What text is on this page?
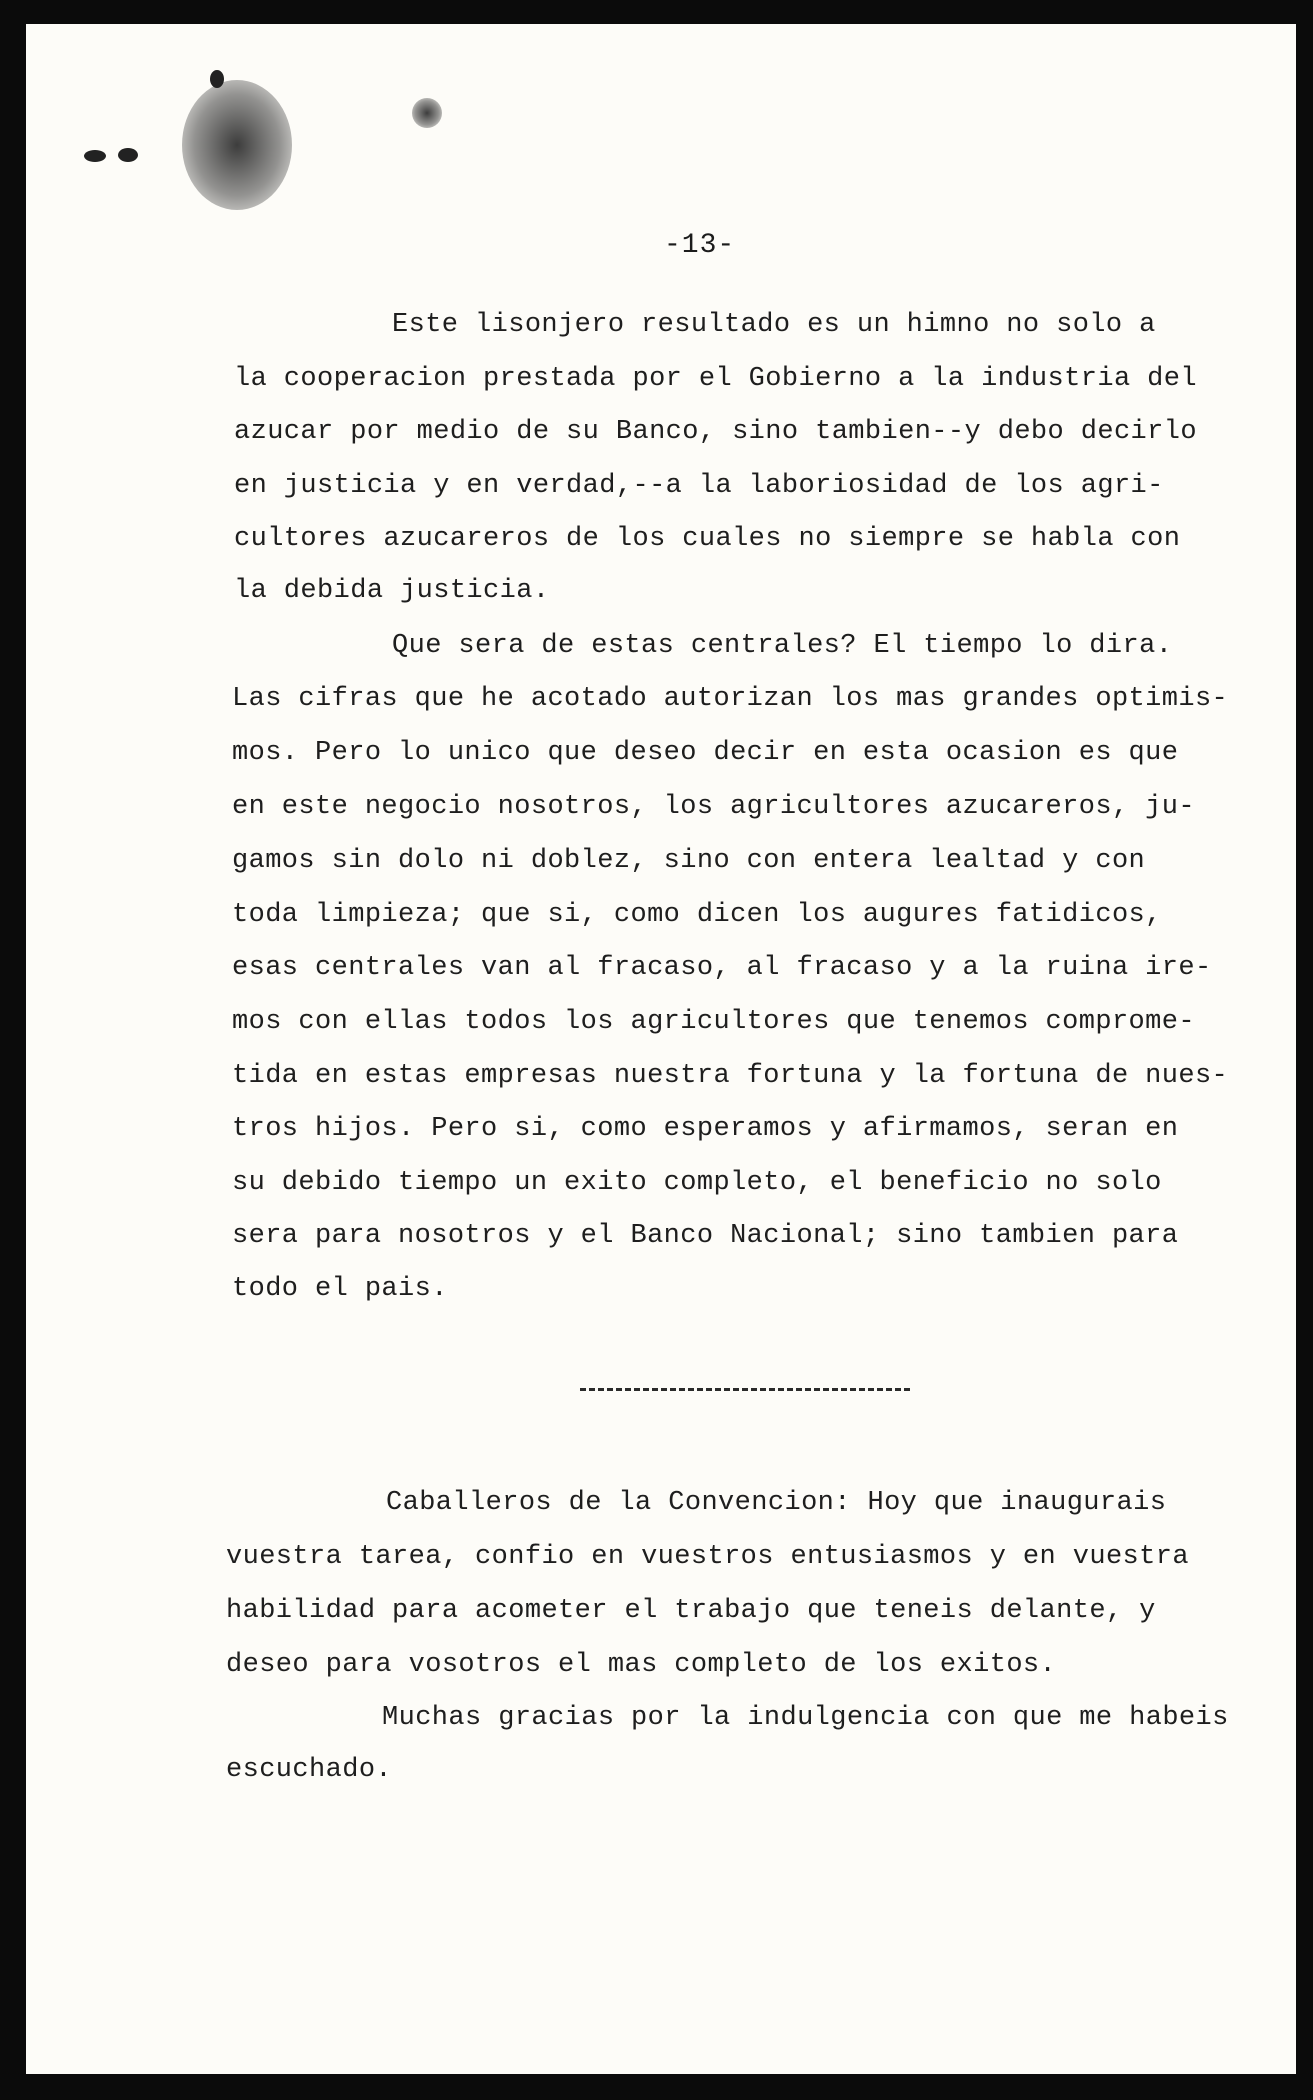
-13-

Este lisonjero resultado es un himno no solo a

la cooperacion prestada por el Gobierno a la industria del

azucar por medio de su Banco, sino tambien--y debo decirlo

en justicia y en verdad,--a la laboriosidad de los agri-

cultores azucareros de los cuales no siempre se habla con

la debida justicia.

Que sera de estas centrales? El tiempo lo dira.

Las cifras que he acotado autorizan los mas grandes optimis-

mos. Pero lo unico que deseo decir en esta ocasion es que

en este negocio nosotros, los agricultores azucareros, ju-

gamos sin dolo ni doblez, sino con entera lealtad y con

toda limpieza; que si, como dicen los augures fatidicos,

esas centrales van al fracaso, al fracaso y a la ruina ire-

mos con ellas todos los agricultores que tenemos comprome-

tida en estas empresas nuestra fortuna y la fortuna de nues-

tros hijos. Pero si, como esperamos y afirmamos, seran en

su debido tiempo un exito completo, el beneficio no solo

sera para nosotros y el Banco Nacional; sino tambien para

todo el pais.

Caballeros de la Convencion: Hoy que inaugurais

vuestra tarea, confio en vuestros entusiasmos y en vuestra

habilidad para acometer el trabajo que teneis delante, y

deseo para vosotros el mas completo de los exitos.

Muchas gracias por la indulgencia con que me habeis

escuchado.
